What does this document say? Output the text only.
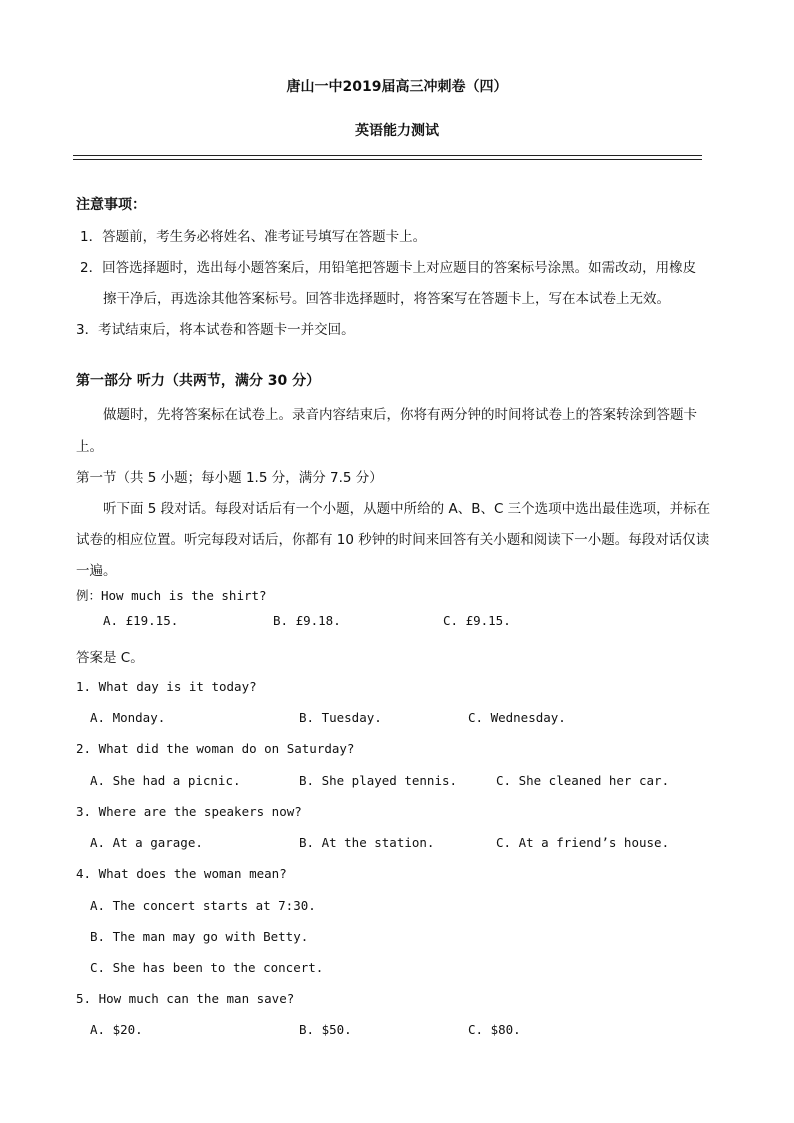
唐山一中2019届高三冲刺卷（四）
英语能力测试
注意事项：
1．答题前，考生务必将姓名、准考证号填写在答题卡上。
2．回答选择题时，选出每小题答案后，用铅笔把答题卡上对应题目的答案标号涂黑。如需改动，用橡皮
擦干净后，再选涂其他答案标号。回答非选择题时，将答案写在答题卡上，写在本试卷上无效。
3．考试结束后，将本试卷和答题卡一并交回。
第一部分 听力（共两节，满分 30 分）
做题时，先将答案标在试卷上。录音内容结束后，你将有两分钟的时间将试卷上的答案转涂到答题卡
上。
第一节（共 5 小题；每小题 1.5 分，满分 7.5 分）
听下面 5 段对话。每段对话后有一个小题，从题中所给的 A、B、C 三个选项中选出最佳选项，并标在
试卷的相应位置。听完每段对话后，你都有 10 秒钟的时间来回答有关小题和阅读下一小题。每段对话仅读
一遍。
例：How much is the shirt?
A. £19.15.	B. £9.18.	C. £9.15.
答案是 C。
1. What day is it today?
A. Monday.	B. Tuesday.	C. Wednesday.
2. What did the woman do on Saturday?
A. She had a picnic.	B. She played tennis.	C. She cleaned her car.
3. Where are the speakers now?
A. At a garage.	B. At the station.	C. At a friend’s house.
4. What does the woman mean?
A. The concert starts at 7:30.
B. The man may go with Betty.
C. She has been to the concert.
5. How much can the man save?
A. $20.	B. $50.	C. $80.
